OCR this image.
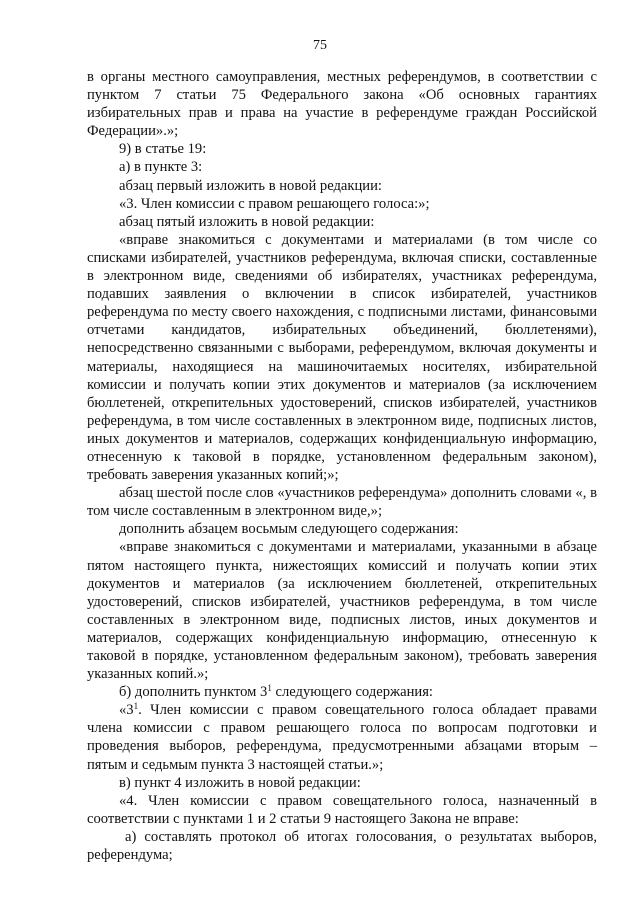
75

в органы местного самоуправления, местных референдумов, в соответствии с пунктом 7 статьи 75 Федерального закона «Об основных гарантиях избирательных прав и права на участие в референдуме граждан Российской Федерации».»;

9) в статье 19:

а) в пункте 3:

абзац первый изложить в новой редакции:

«3. Член комиссии с правом решающего голоса:»;

абзац пятый изложить в новой редакции:

«вправе знакомиться с документами и материалами (в том числе со списками избирателей, участников референдума, включая списки, составленные в электронном виде, сведениями об избирателях, участниках референдума, подавших заявления о включении в список избирателей, участников референдума по месту своего нахождения, с подписными листами, финансовыми отчетами кандидатов, избирательных объединений, бюллетенями), непосредственно связанными с выборами, референдумом, включая документы и материалы, находящиеся на машиночитаемых носителях, избирательной комиссии и получать копии этих документов и материалов (за исключением бюллетеней, открепительных удостоверений, списков избирателей, участников референдума, в том числе составленных в электронном виде, подписных листов, иных документов и материалов, содержащих конфиденциальную информацию, отнесенную к таковой в порядке, установленном федеральным законом), требовать заверения указанных копий;»;

абзац шестой после слов «участников референдума» дополнить словами «, в том числе составленным в электронном виде,»;

дополнить абзацем восьмым следующего содержания:

«вправе знакомиться с документами и материалами, указанными в абзаце пятом настоящего пункта, нижестоящих комиссий и получать копии этих документов и материалов (за исключением бюллетеней, открепительных удостоверений, списков избирателей, участников референдума, в том числе составленных в электронном виде, подписных листов, иных документов и материалов, содержащих конфиденциальную информацию, отнесенную к таковой в порядке, установленном федеральным законом), требовать заверения указанных копий.»;

б) дополнить пунктом $3^1$ следующего содержания:

«$3^1$. Член комиссии с правом совещательного голоса обладает правами члена комиссии с правом решающего голоса по вопросам подготовки и проведения выборов, референдума, предусмотренными абзацами вторым – пятым и седьмым пункта 3 настоящей статьи.»;

в) пункт 4 изложить в новой редакции:

«4. Член комиссии с правом совещательного голоса, назначенный в соответствии с пунктами 1 и 2 статьи 9 настоящего Закона не вправе:

а) составлять протокол об итогах голосования, о результатах выборов, референдума;
